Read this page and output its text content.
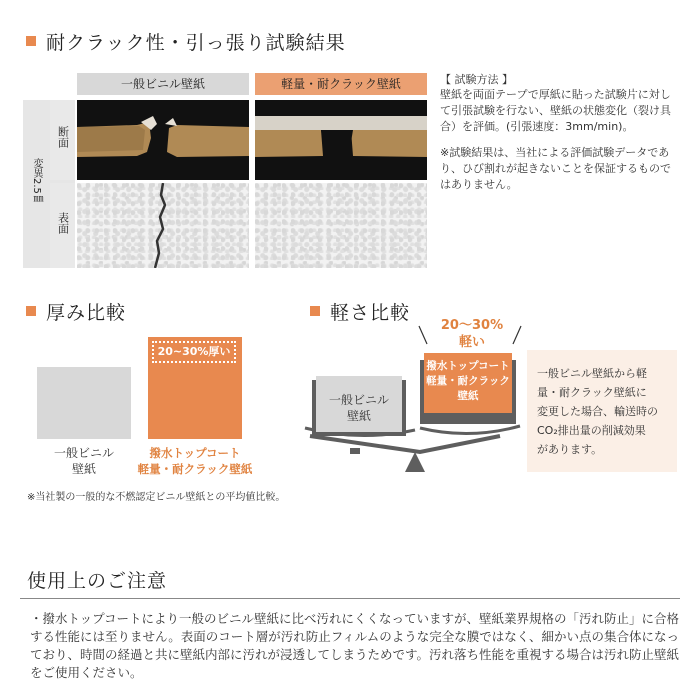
耐クラック性・引っ張り試験結果
一般ビニル壁紙	軽量・耐クラック壁紙
変異2.5㎜
断面
表面
【 試験方法 】
壁紙を両面テープで厚紙に貼った試験片に対して引張試験を行ない、壁紙の状態変化（裂け具合）を評価。(引張速度：3mm/min)。
※試験結果は、当社による評価試験データであり、ひび割れが起きないことを保証するものではありません。
厚み比較
20~30%厚い
一般ビニル
壁紙
撥水トップコート
軽量・耐クラック壁紙
※当社製の一般的な不燃認定ビニル壁紙との平均値比較。
軽さ比較
20～30%
軽い
一般ビニル
壁紙
撥水トップコート
軽量・耐クラック
壁紙
一般ビニル壁紙から軽
量・耐クラック壁紙に
変更した場合、輸送時の
CO₂排出量の削減効果
があります。
使用上のご注意
・撥水トップコートにより一般のビニル壁紙に比べ汚れにくくなっていますが、壁紙業界規格の「汚れ防止」に合格する性能には至りません。表面のコート層が汚れ防止フィルムのような完全な膜ではなく、細かい点の集合体になっており、時間の経過と共に壁紙内部に汚れが浸透してしまうためです。汚れ落ち性能を重視する場合は汚れ防止壁紙をご使用ください。
